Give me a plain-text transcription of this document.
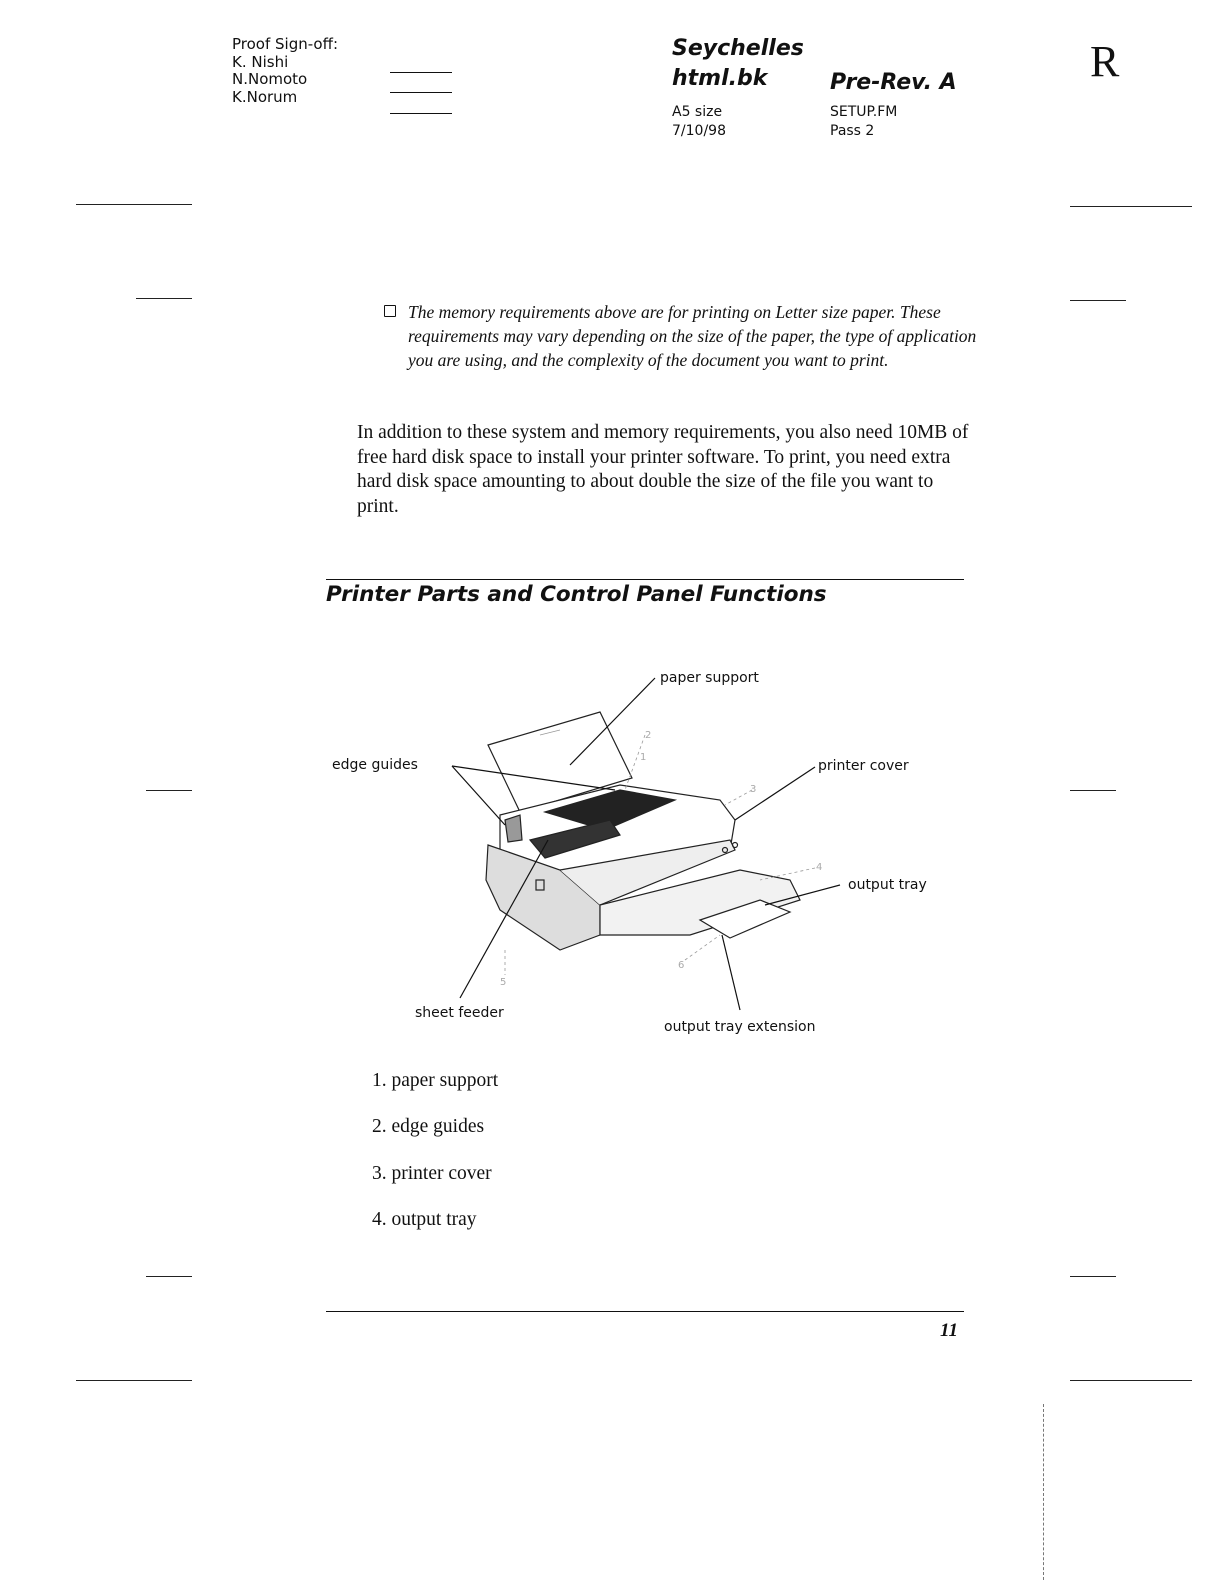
Proof Sign-off:
K. Nishi
N.Nomoto
K.Norum
Seychelles
html.bk	Pre-Rev. A
A5 size
7/10/98
SETUP.FM
Pass 2
R
The memory requirements above are for printing on Letter size paper. These requirements may vary depending on the size of the paper, the type of application you are using, and the complexity of the document you want to print.
In addition to these system and memory requirements, you also need 10MB of free hard disk space to install your printer software. To print, you need extra hard disk space amounting to about double the size of the file you want to print.
Printer Parts and Control Panel Functions
1
2
3
4
5
6
paper support
edge guides	printer cover
output tray
sheet feeder
output tray extension
1. paper support
2. edge guides
3. printer cover
4. output tray
11
